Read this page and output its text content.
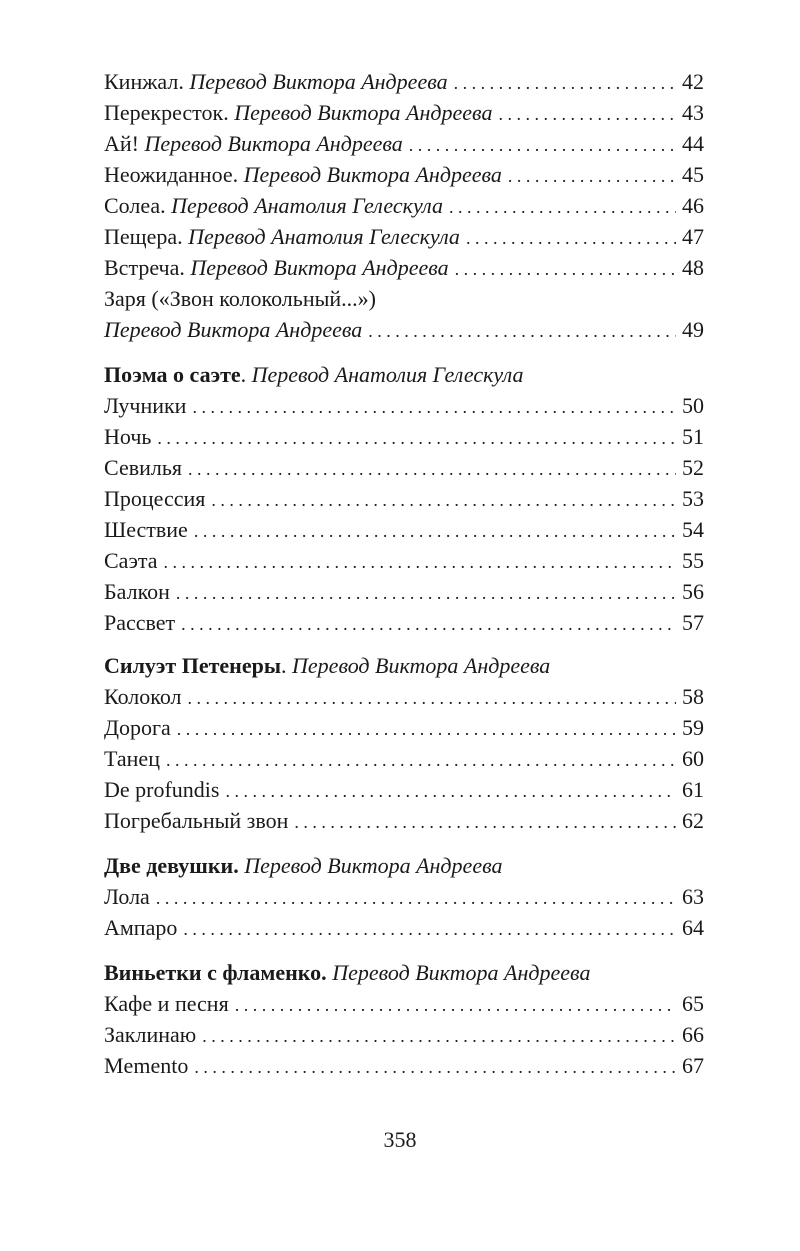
Кинжал. Перевод Виктора Андреева . . .	42
Перекресток. Перевод Виктора Андреева . . .	43
Ай! Перевод Виктора Андреева . . .	44
Неожиданное. Перевод Виктора Андреева . . .	45
Солеа. Перевод Анатолия Гелескула . . .	46
Пещера. Перевод Анатолия Гелескула . . .	47
Встреча. Перевод Виктора Андреева . . .	48
Заря («Звон колокольный...»)
Перевод Виктора Андреева . . .	49
Поэма о саэте. Перевод Анатолия Гелескула
Лучники . . .	50
Ночь . . .	51
Севилья . . .	52
Процессия . . .	53
Шествие . . .	54
Саэта . . .	55
Балкон . . .	56
Рассвет . . .	57
Силуэт Петенеры. Перевод Виктора Андреева
Колокол . . .	58
Дорога . . .	59
Танец . . .	60
De profundis . . .	61
Погребальный звон . . .	62
Две девушки. Перевод Виктора Андреева
Лола . . .	63
Ампаро . . .	64
Виньетки с фламенко. Перевод Виктора Андреева
Кафе и песня . . .	65
Заклинаю . . .	66
Memento . . .	67
358
